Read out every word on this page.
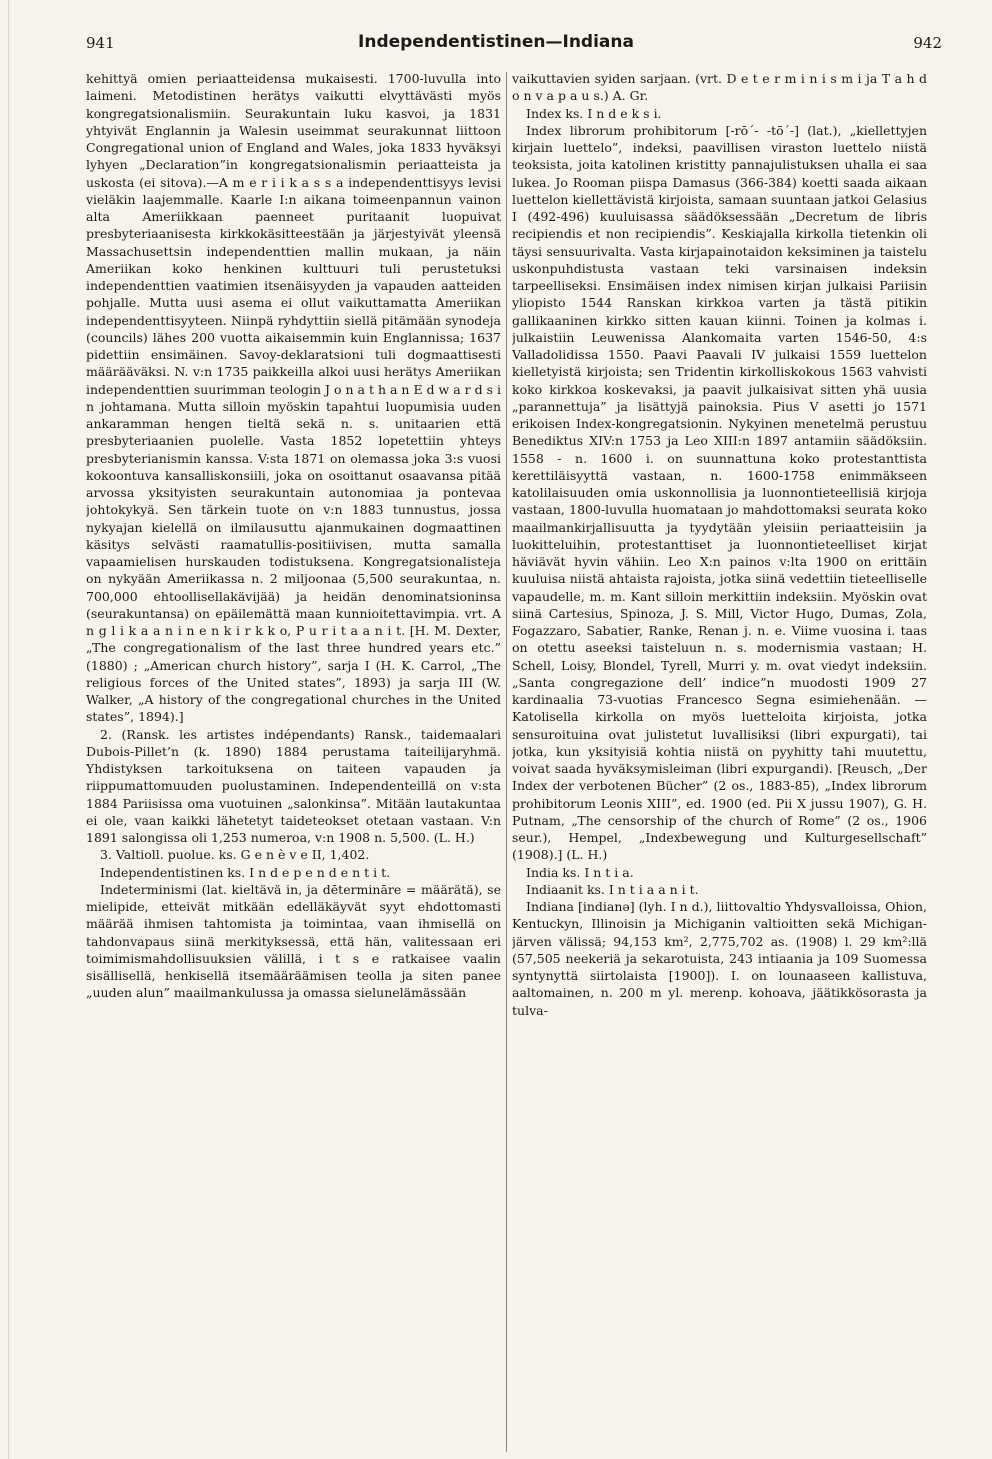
941	Independentistinen—Indiana	942

kehittyä omien periaatteidensa mukaisesti. 1700-luvulla into laimeni. Metodistinen herätys vaikutti elvyttävästi myös kongregatsionalismiin. Seurakuntain luku kasvoi, ja 1831 yhtyivät Englannin ja Walesin useimmat seurakunnat liittoon Congregational union of England and Wales, joka 1833 hyväksyi lyhyen „Declaration”in kongregatsionalismin periaatteista ja uskosta (ei sitova).—A m e r i i k a s s a independenttisyys levisi vieläkin laajemmalle. Kaarle I:n aikana toimeenpannun vainon alta Ameriikkaan paenneet puritaanit luopuivat presbyteriaanisesta kirkkokäsitteestään ja järjestyivät yleensä Massachusettsin independenttien mallin mukaan, ja näin Ameriikan koko henkinen kulttuuri tuli perustetuksi independenttien vaatimien itsenäisyyden ja vapauden aatteiden pohjalle. Mutta uusi asema ei ollut vaikuttamatta Ameriikan independenttisyyteen. Niinpä ryhdyttiin siellä pitämään synodeja (councils) lähes 200 vuotta aikaisemmin kuin Englannissa; 1637 pidettiin ensimäinen. Savoy-deklaratsioni tuli dogmaattisesti määrääväksi. N. v:n 1735 paikkeilla alkoi uusi herätys Ameriikan independenttien suurimman teologin J o n a t h a n E d w a r d s i n johtamana. Mutta silloin myöskin tapahtui luopumisia uuden ankaramman hengen tieltä sekä n. s. unitaarien että presbyteriaanien puolelle. Vasta 1852 lopetettiin yhteys presbyterianismin kanssa. V:sta 1871 on olemassa joka 3:s vuosi kokoontuva kansalliskonsiili, joka on osoittanut osaavansa pitää arvossa yksityisten seurakuntain autonomiaa ja pontevaa johtokykyä. Sen tärkein tuote on v:n 1883 tunnustus, jossa nykyajan kielellä on ilmilausuttu ajanmukainen dogmaattinen käsitys selvästi raamatullis-positiivisen, mutta samalla vapaamielisen hurskauden todistuksena. Kongregatsionalisteja on nykyään Ameriikassa n. 2 miljoonaa (5,500 seurakuntaa, n. 700,000 ehtoollisellakävijää) ja heidän denominatsioninsa (seurakuntansa) on epäilemättä maan kunnioitettavimpia. vrt. A n g l i k a a n i n e n k i r k k o, P u r i t a a n i t. [H. M. Dexter, „The congregationalism of the last three hundred years etc.” (1880) ; „American church history”, sarja I (H. K. Carrol, „The religious forces of the United states”, 1893) ja sarja III (W. Walker, „A history of the congregational churches in the United states”, 1894).]

2. (Ransk. les artistes indépendants) Ransk., taidemaalari Dubois-Pillet’n (k. 1890) 1884 perustama taiteilijaryhmä. Yhdistyksen tarkoituksena on taiteen vapauden ja riippumattomuuden puolustaminen. Independenteillä on v:sta 1884 Pariisissa oma vuotuinen „salonkinsa”. Mitään lautakuntaa ei ole, vaan kaikki lähetetyt taideteokset otetaan vastaan. V:n 1891 salongissa oli 1,253 numeroa, v:n 1908 n. 5,500. (L. H.)

3. Valtioll. puolue. ks. G e n è v e II, 1,402.

Independentistinen ks. I n d e p e n d e n t i t.

Indeterminismi (lat. kieltävä in, ja dētermināre = määrätä), se mielipide, etteivät mitkään edelläkäyvät syyt ehdottomasti määrää ihmisen tahtomista ja toimintaa, vaan ihmisellä on tahdonvapaus siinä merkityksessä, että hän, valitessaan eri toimimismahdollisuuksien välillä, i t s e ratkaisee vaalin sisällisellä, henkisellä itsemääräämisen teolla ja siten panee „uuden alun” maailmankulussa ja omassa sielunelämässään

vaikuttavien syiden sarjaan. (vrt. D e t e r m i n i s m i ja T a h d o n v a p a u s.) A. Gr.

Index ks. I n d e k s i.

Index librorum prohibitorum [-rō´- -tō´-] (lat.), „kiellettyjen kirjain luettelo”, indeksi, paavillisen viraston luettelo niistä teoksista, joita katolinen kristitty pannajulistuksen uhalla ei saa lukea. Jo Rooman piispa Damasus (366-384) koetti saada aikaan luettelon kiellettävistä kirjoista, samaan suuntaan jatkoi Gelasius I (492-496) kuuluisassa säädöksessään „Decretum de libris recipiendis et non recipiendis”. Keskiajalla kirkolla tietenkin oli täysi sensuurivalta. Vasta kirjapainotaidon keksiminen ja taistelu uskonpuhdistusta vastaan teki varsinaisen indeksin tarpeelliseksi. Ensimäisen index nimisen kirjan julkaisi Pariisin yliopisto 1544 Ranskan kirkkoa varten ja tästä pitikin gallikaaninen kirkko sitten kauan kiinni. Toinen ja kolmas i. julkaistiin Leuwenissa Alankomaita varten 1546-50, 4:s Valladolidissa 1550. Paavi Paavali IV julkaisi 1559 luettelon kielletyistä kirjoista; sen Tridentin kirkolliskokous 1563 vahvisti koko kirkkoa koskevaksi, ja paavit julkaisivat sitten yhä uusia „parannettuja” ja lisättyjä painoksia. Pius V asetti jo 1571 erikoisen Index-kongregatsionin. Nykyinen menetelmä perustuu Benediktus XIV:n 1753 ja Leo XIII:n 1897 antamiin säädöksiin. 1558 - n. 1600 i. on suunnattuna koko protestanttista kerettiläisyyttä vastaan, n. 1600-1758 enimmäkseen katolilaisuuden omia uskonnollisia ja luonnontieteellisiä kirjoja vastaan, 1800-luvulla huomataan jo mahdottomaksi seurata koko maailmankirjallisuutta ja tyydytään yleisiin periaatteisiin ja luokitteluihin, protestanttiset ja luonnontieteelliset kirjat häviävät hyvin vähiin. Leo X:n painos v:lta 1900 on erittäin kuuluisa niistä ahtaista rajoista, jotka siinä vedettiin tieteelliselle vapaudelle, m. m. Kant silloin merkittiin indeksiin. Myöskin ovat siinä Cartesius, Spinoza, J. S. Mill, Victor Hugo, Dumas, Zola, Fogazzaro, Sabatier, Ranke, Renan j. n. e. Viime vuosina i. taas on otettu aseeksi taisteluun n. s. modernismia vastaan; H. Schell, Loisy, Blondel, Tyrell, Murri y. m. ovat viedyt indeksiin. „Santa congregazione dell’ indice”n muodosti 1909 27 kardinaalia 73-vuotias Francesco Segna esimiehenään. — Katolisella kirkolla on myös luetteloita kirjoista, jotka sensuroituina ovat julistetut luvallisiksi (libri expurgati), tai jotka, kun yksityisiä kohtia niistä on pyyhitty tahi muutettu, voivat saada hyväksymisleiman (libri expurgandi). [Reusch, „Der Index der verbotenen Bücher” (2 os., 1883-85), „Index librorum prohibitorum Leonis XIII”, ed. 1900 (ed. Pii X jussu 1907), G. H. Putnam, „The censorship of the church of Rome” (2 os., 1906 seur.), Hempel, „Indexbewegung und Kulturgesellschaft” (1908).] (L. H.)

India ks. I n t i a.

Indiaanit ks. I n t i a a n i t.

Indiana [indianə] (lyh. I n d.), liittovaltio Yhdysvalloissa, Ohion, Kentuckyn, Illinoisin ja Michiganin valtioitten sekä Michigan-järven välissä; 94,153 km², 2,775,702 as. (1908) l. 29 km²:llä (57,505 neekeriä ja sekarotuista, 243 intiaania ja 109 Suomessa syntynyttä siirtolaista [1900]). I. on lounaaseen kallistuva, aaltomainen, n. 200 m yl. merenp. kohoava, jäätikkösorasta ja tulva-
